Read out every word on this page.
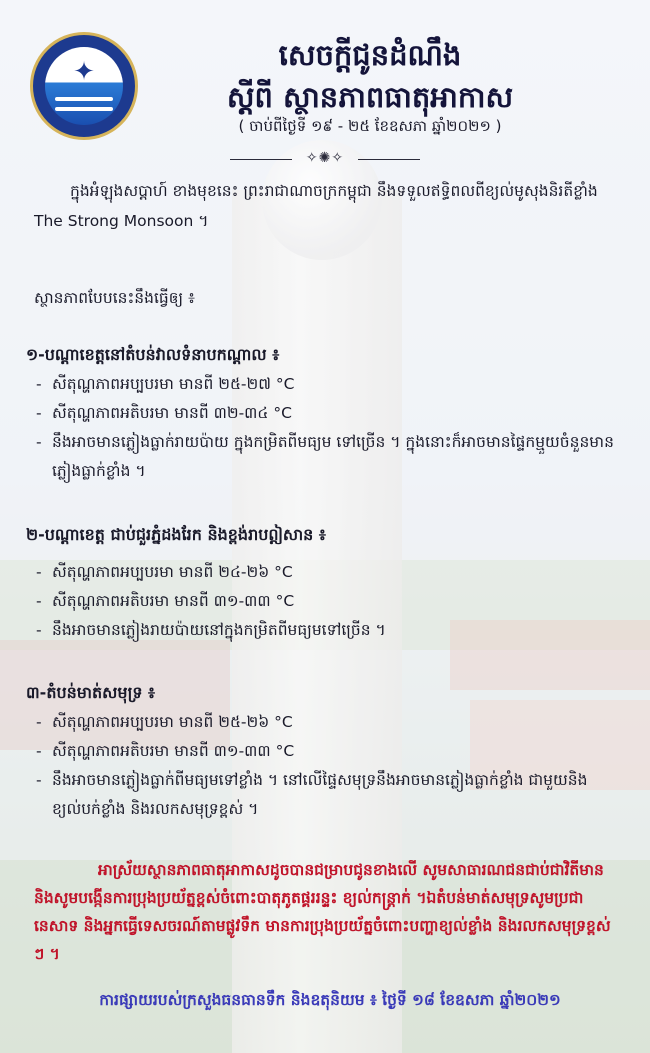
✦	សេចក្តីជូនដំណឹង
ស្តីពី ស្ថានភាពធាតុអាកាស
( ចាប់ពីថ្ងៃទី ១៩ - ២៥ ខែឧសភា ឆ្នាំ២០២១ )
✧✺✧
ក្នុងអំឡុងសប្តាហ៍ ខាងមុខនេះ ព្រះរាជាណាចក្រកម្ពុជា នឹងទទួលឥទ្ធិពលពីខ្យល់មូសុងនិរតីខ្លាំង The Strong Monsoon ។
ស្ថានភាពបែបនេះនឹងធ្វើឲ្យ ៖
១-បណ្តាខេត្តនៅតំបន់វាលទំនាបកណ្តាល ៖
- សីតុណ្ហភាពអប្បបរមា មានពី ២៥-២៧ °C
- សីតុណ្ហភាពអតិបរមា មានពី ៣២-៣៤ °C
- នឹងអាចមានភ្លៀងធ្លាក់រាយប៉ាយ ក្នុងកម្រិតពីមធ្យម ទៅច្រើន ។ ក្នុងនោះក៏អាចមានផ្ទៃកម្មួយចំនួនមានភ្លៀងធ្លាក់ខ្លាំង ។
២-បណ្តាខេត្ត ជាប់ជួរភ្នំដងរែក និងខ្ពង់រាបឦសាន ៖
- សីតុណ្ហភាពអប្បបរមា មានពី ២៤-២៦ °C
- សីតុណ្ហភាពអតិបរមា មានពី ៣១-៣៣ °C
- នឹងអាចមានភ្លៀងរាយប៉ាយនៅក្នុងកម្រិតពីមធ្យមទៅច្រើន ។
៣-តំបន់មាត់សមុទ្រ ៖
- សីតុណ្ហភាពអប្បបរមា មានពី ២៥-២៦ °C
- សីតុណ្ហភាពអតិបរមា មានពី ៣១-៣៣ °C
- នឹងអាចមានភ្លៀងធ្លាក់ពីមធ្យមទៅខ្លាំង ។ នៅលើផ្ទៃសមុទ្រនឹងអាចមានភ្លៀងធ្លាក់ខ្លាំង ជាមួយនិងខ្យល់បក់ខ្លាំង និងរលកសមុទ្រខ្ពស់ ។
អាស្រ័យស្ថានភាពធាតុអាកាសដូចបានជម្រាបជូនខាងលើ សូមសាធារណជនជាប់ជាវិតីមាន និងសូមបង្កើនការប្រុងប្រយ័ត្នខ្ពស់ចំពោះបាតុភូតផ្គររន្ទះ ខ្យល់កន្ត្រាក់ ។ឯតំបន់មាត់សមុទ្រសូមប្រជានេសាទ និងអ្នកធ្វើទេសចរណ៍តាមផ្លូវទឹក មានការប្រុងប្រយ័ត្នចំពោះបញ្ហាខ្យល់ខ្លាំង និងរលកសមុទ្រខ្ពស់ ៗ ។
ការផ្សាយរបស់ក្រសួងធនធានទឹក និងឧតុនិយម ៖ ថ្ងៃទី ១៨ ខែឧសភា ឆ្នាំ២០២១
